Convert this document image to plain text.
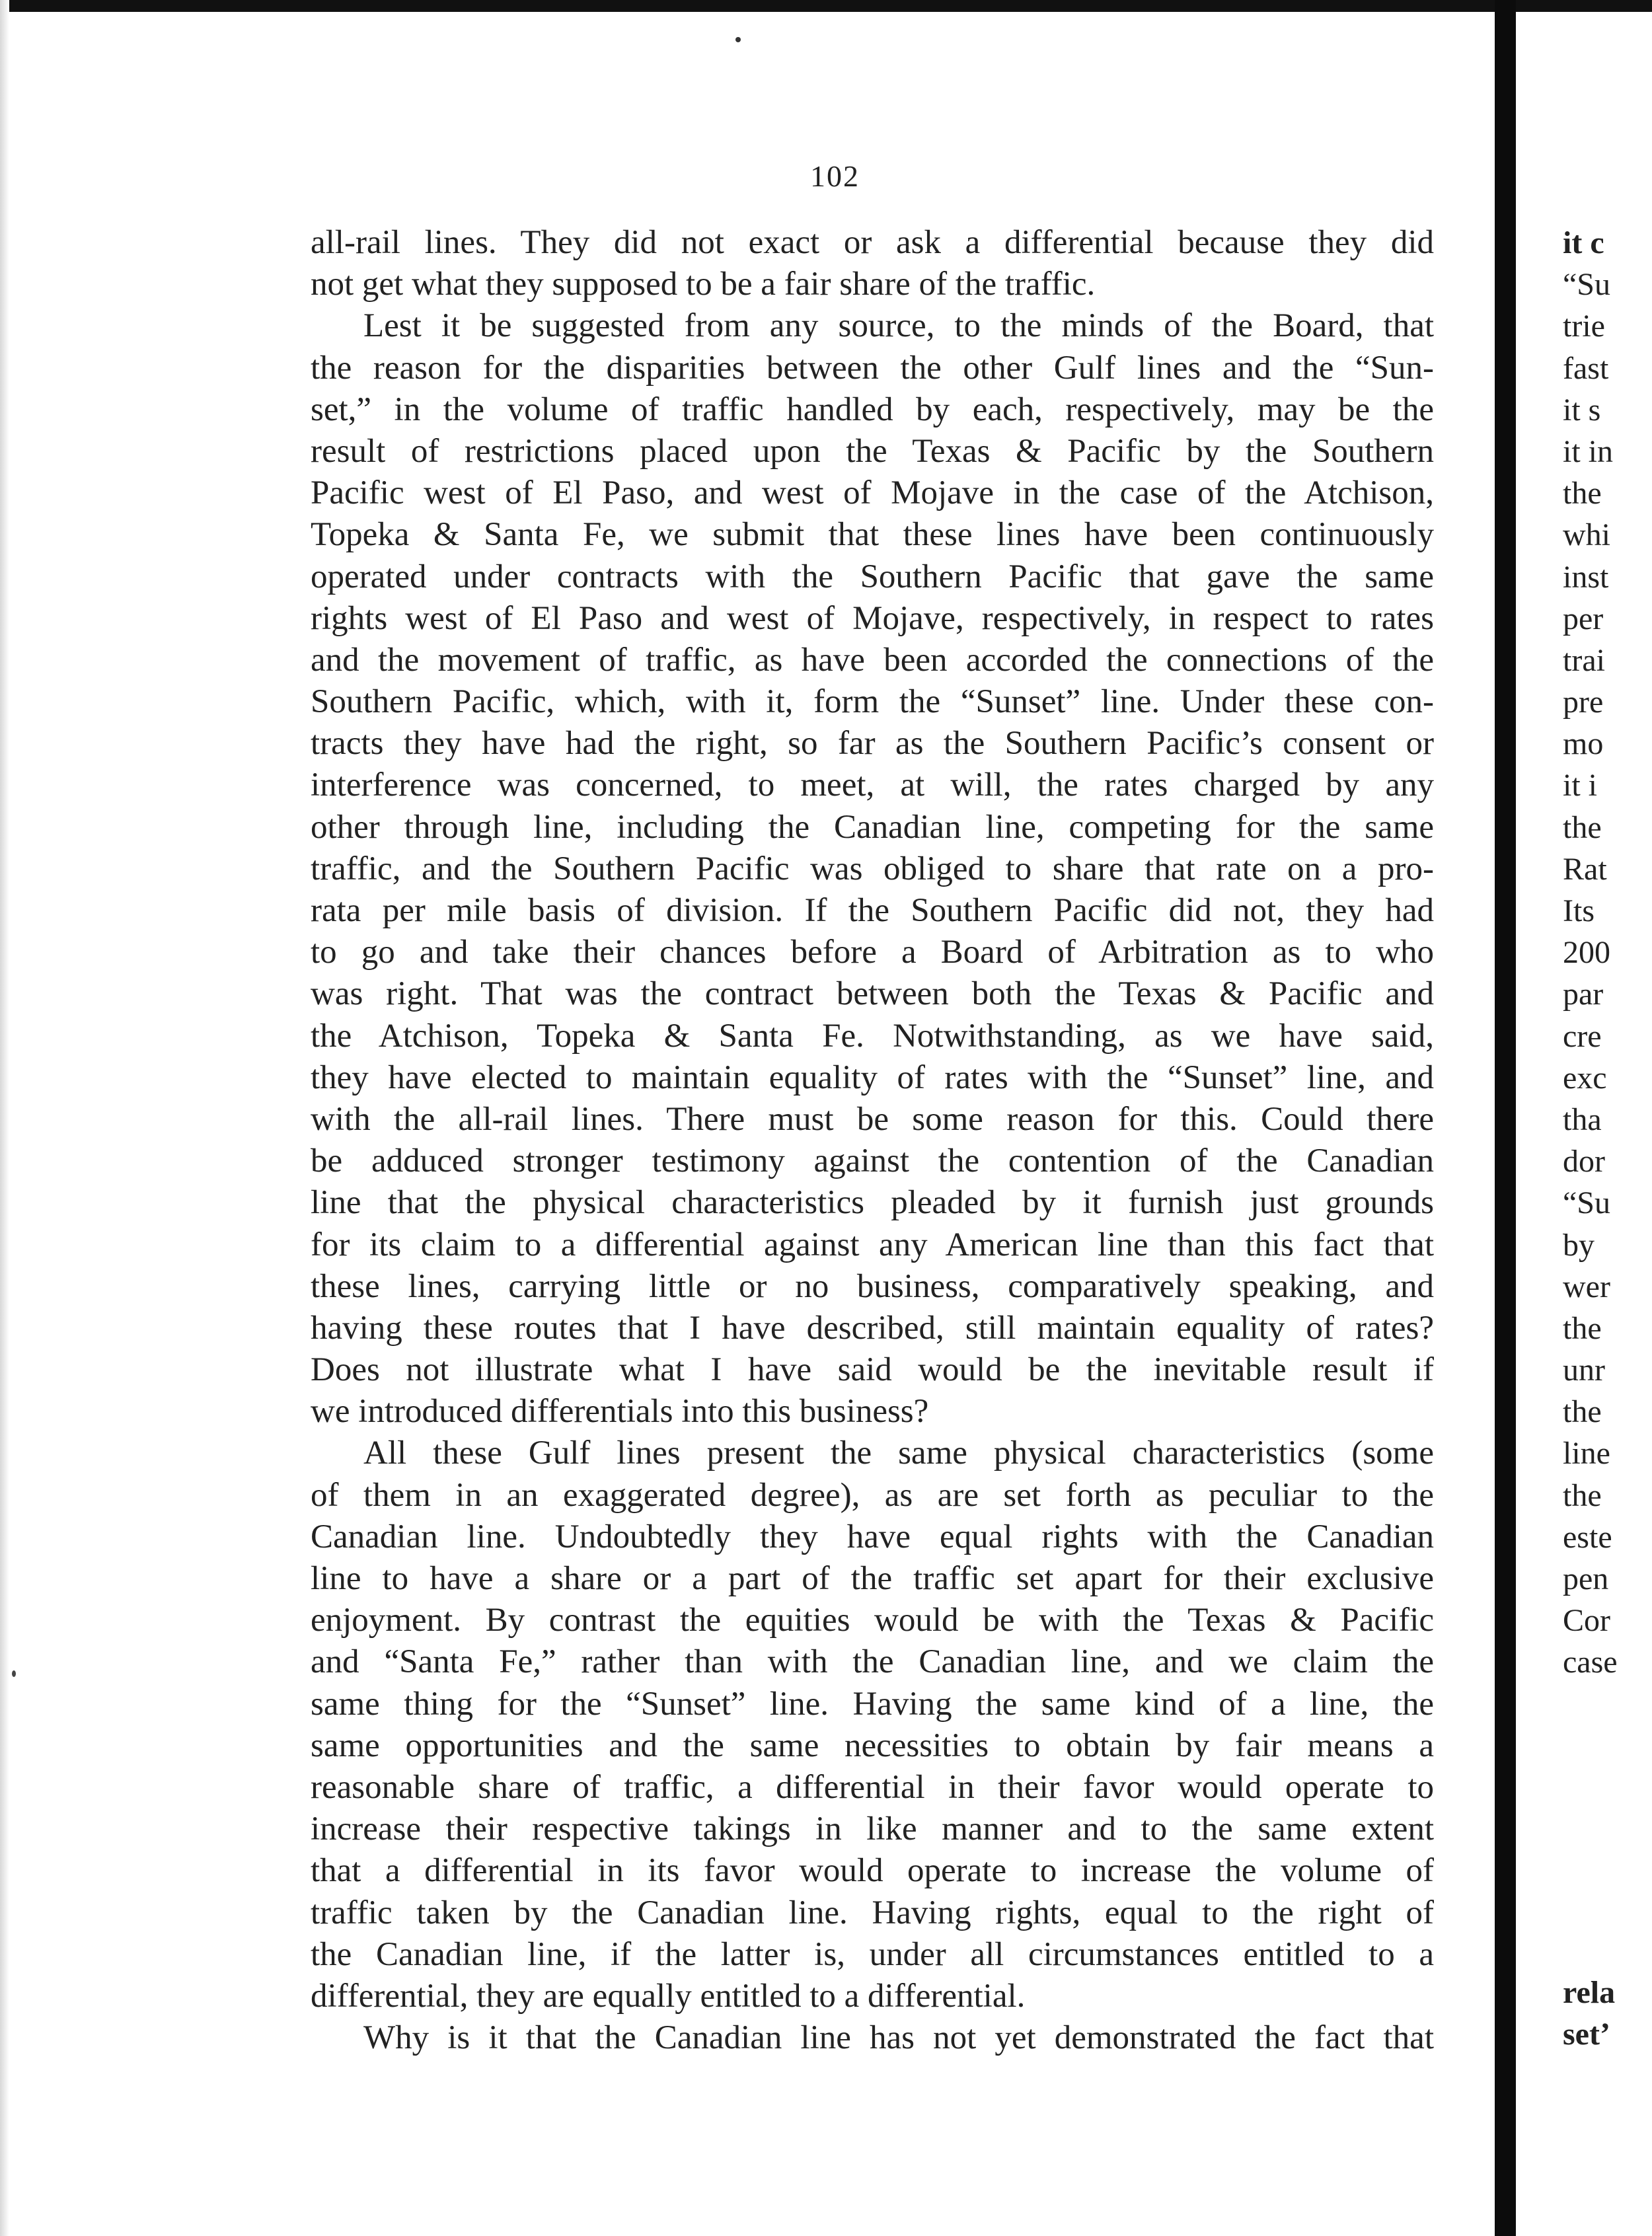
102
all-rail lines. They did not exact or ask a differential because they did
not get what they supposed to be a fair share of the traffic.
Lest it be suggested from any source, to the minds of the Board, that
the reason for the disparities between the other Gulf lines and the “Sun-
set,” in the volume of traffic handled by each, respectively, may be the
result of restrictions placed upon the Texas & Pacific by the Southern
Pacific west of El Paso, and west of Mojave in the case of the Atchison,
Topeka & Santa Fe, we submit that these lines have been continuously
operated under contracts with the Southern Pacific that gave the same
rights west of El Paso and west of Mojave, respectively, in respect to rates
and the movement of traffic, as have been accorded the connections of the
Southern Pacific, which, with it, form the “Sunset” line. Under these con-
tracts they have had the right, so far as the Southern Pacific’s consent or
interference was concerned, to meet, at will, the rates charged by any
other through line, including the Canadian line, competing for the same
traffic, and the Southern Pacific was obliged to share that rate on a pro-
rata per mile basis of division. If the Southern Pacific did not, they had
to go and take their chances before a Board of Arbitration as to who
was right. That was the contract between both the Texas & Pacific and
the Atchison, Topeka & Santa Fe. Notwithstanding, as we have said,
they have elected to maintain equality of rates with the “Sunset” line, and
with the all-rail lines. There must be some reason for this. Could there
be adduced stronger testimony against the contention of the Canadian
line that the physical characteristics pleaded by it furnish just grounds
for its claim to a differential against any American line than this fact that
these lines, carrying little or no business, comparatively speaking, and
having these routes that I have described, still maintain equality of rates?
Does not illustrate what I have said would be the inevitable result if
we introduced differentials into this business?
All these Gulf lines present the same physical characteristics (some
of them in an exaggerated degree), as are set forth as peculiar to the
Canadian line. Undoubtedly they have equal rights with the Canadian
line to have a share or a part of the traffic set apart for their exclusive
enjoyment. By contrast the equities would be with the Texas & Pacific
and “Santa Fe,” rather than with the Canadian line, and we claim the
same thing for the “Sunset” line. Having the same kind of a line, the
same opportunities and the same necessities to obtain by fair means a
reasonable share of traffic, a differential in their favor would operate to
increase their respective takings in like manner and to the same extent
that a differential in its favor would operate to increase the volume of
traffic taken by the Canadian line. Having rights, equal to the right of
the Canadian line, if the latter is, under all circumstances entitled to a
differential, they are equally entitled to a differential.
Why is it that the Canadian line has not yet demonstrated the fact that
it c
“Su
trie
fast
it s
it in
the
whi
inst
per
trai
pre
mo
it i
the
Rat
Its
200
par
cre
exc
tha
dor
“Su
by
wer
the
unr
the
line
the
este
pen
Cor
case
rela
set’
